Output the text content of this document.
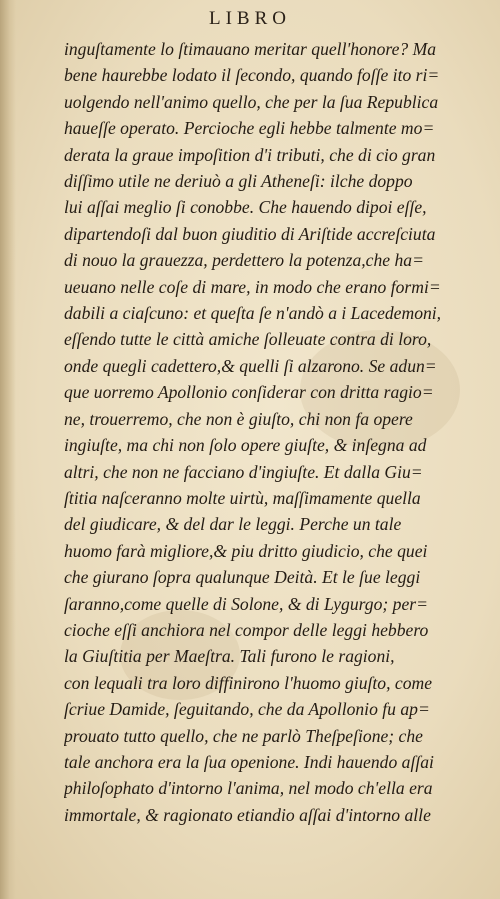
LIBRO
inguſtamente lo ſtimauano meritar quell'honore? Ma
bene haurebbe lodato il ſecondo, quando foſſe ito ri=
uolgendo nell'animo quello, che per la ſua Republica
haueſſe operato. Percioche egli hebbe talmente mo=
derata la graue impoſition d'i tributi, che di cio gran
diſſimo utile ne deriuò a gli Atheneſi: ilche doppo
lui aſſai meglio ſi conobbe. Che hauendo dipoi eſſe,
dipartendoſi dal buon giuditio di Ariſtide accreſciuta
di nouo la grauezza, perdettero la potenza,che ha=
ueuano nelle coſe di mare, in modo che erano formi=
dabili a ciaſcuno: et queſta ſe n'andò a i Lacedemoni,
eſſendo tutte le città amiche ſolleuate contra di loro,
onde quegli cadettero,& quelli ſi alzarono. Se adun=
que uorremo Apollonio conſiderar con dritta ragio=
ne, trouerremo, che non è giuſto, chi non fa opere
ingiuſte, ma chi non ſolo opere giuſte, & inſegna ad
altri, che non ne facciano d'ingiuſte. Et dalla Giu=
ſtitia naſceranno molte uirtù, maſſimamente quella
del giudicare, & del dar le leggi. Perche un tale
huomo farà migliore,& piu dritto giudicio, che quei
che giurano ſopra qualunque Deità. Et le ſue leggi
ſaranno,come quelle di Solone, & di Lygurgo; per=
cioche eſſi anchiora nel compor delle leggi hebbero
la Giuſtitia per Maeſtra. Tali furono le ragioni,
con lequali tra loro diffinirono l'huomo giuſto, come
ſcriue Damide, ſeguitando, che da Apollonio fu ap=
prouato tutto quello, che ne parlò Theſpeſione; che
tale anchora era la ſua openione. Indi hauendo aſſai
philoſophato d'intorno l'anima, nel modo ch'ella era
immortale, & ragionato etiandio aſſai d'intorno alle
